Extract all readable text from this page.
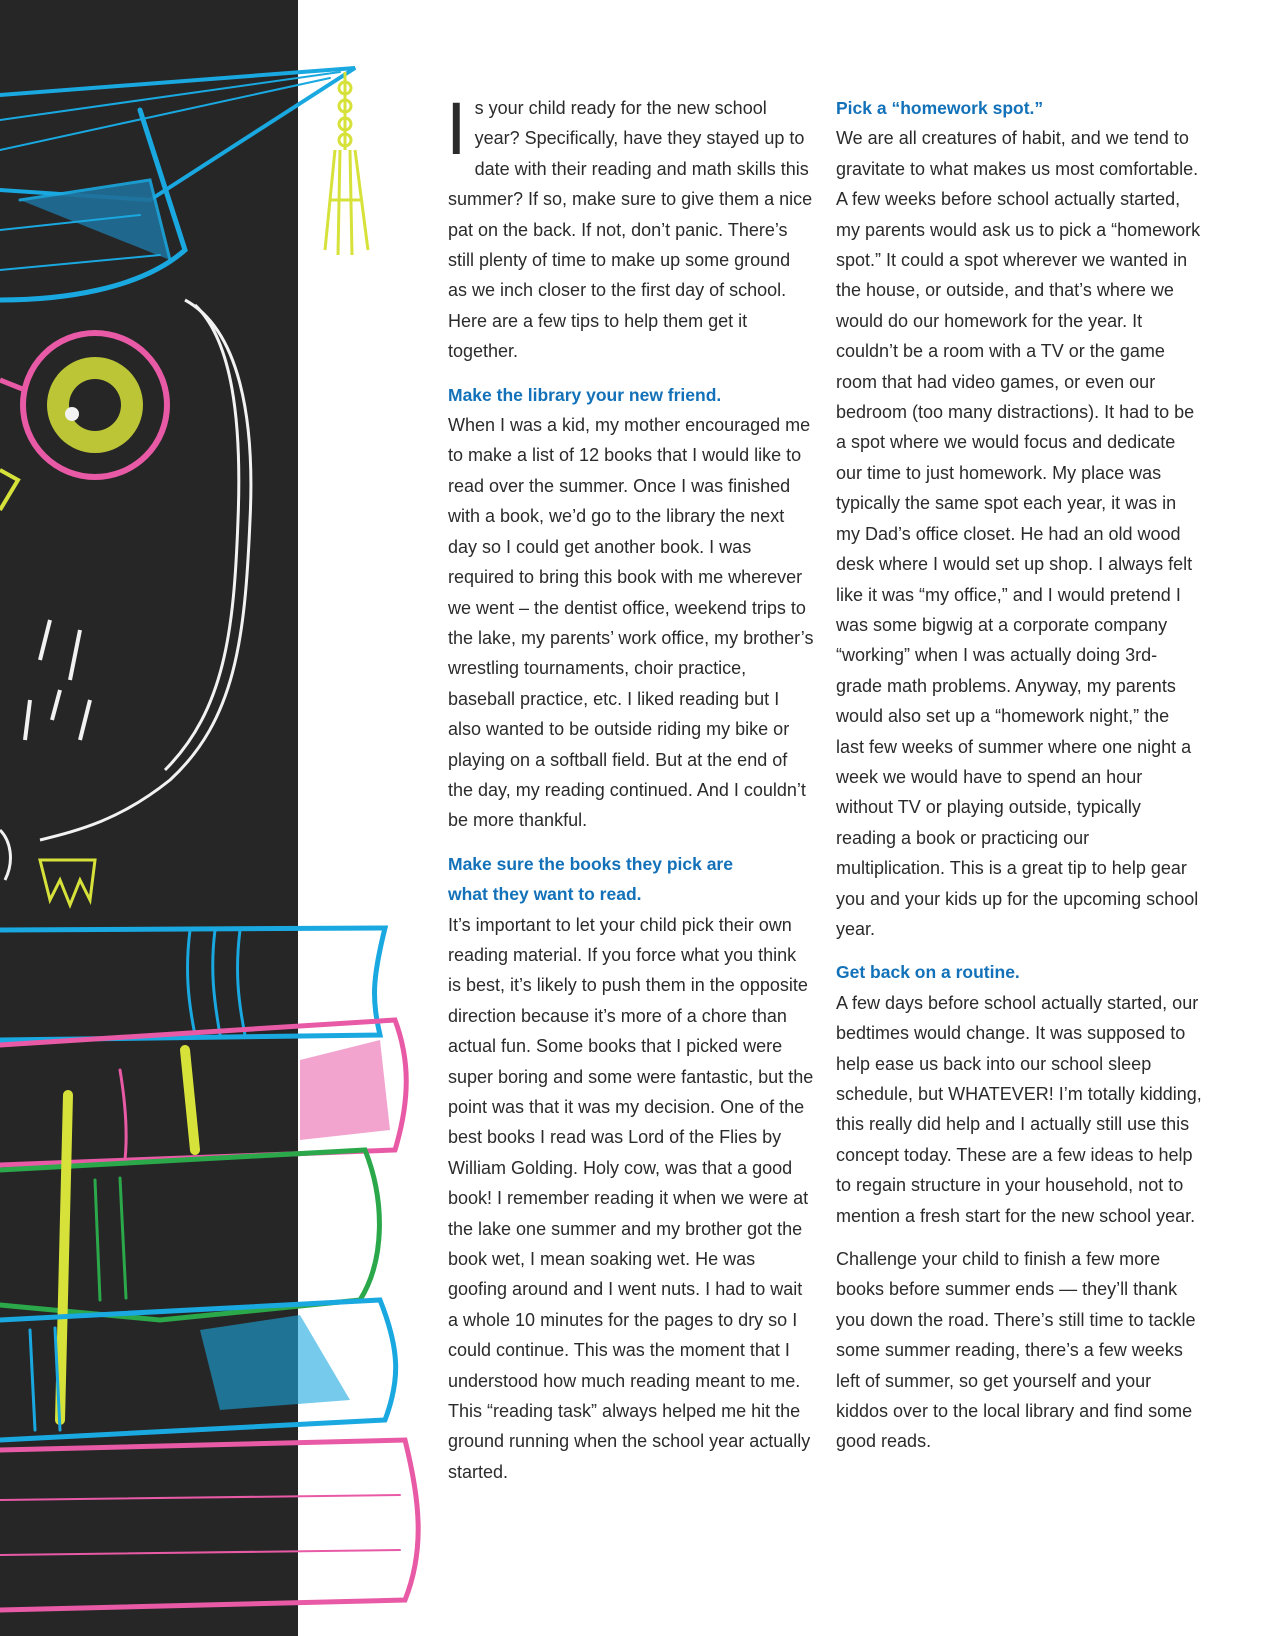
Is your child ready for the new school year? Specifically, have they stayed up to date with their reading and math skills this summer? If so, make sure to give them a nice pat on the back. If not, don’t panic. There’s still plenty of time to make up some ground as we inch closer to the first day of school. Here are a few tips to help them get it together.

Make the library your new friend.

When I was a kid, my mother encouraged me to make a list of 12 books that I would like to read over the summer. Once I was finished with a book, we’d go to the library the next day so I could get another book. I was required to bring this book with me wherever we went – the dentist office, weekend trips to the lake, my parents’ work office, my brother’s wrestling tournaments, choir practice, baseball practice, etc. I liked reading but I also wanted to be outside riding my bike or playing on a softball field. But at the end of the day, my reading continued. And I couldn’t be more thankful.

Make sure the books they pick are what they want to read.

It’s important to let your child pick their own reading material. If you force what you think is best, it’s likely to push them in the opposite direction because it’s more of a chore than actual fun. Some books that I picked were super boring and some were fantastic, but the point was that it was my decision. One of the best books I read was Lord of the Flies by William Golding. Holy cow, was that a good book! I remember reading it when we were at the lake one summer and my brother got the book wet, I mean soaking wet. He was goofing around and I went nuts. I had to wait a whole 10 minutes for the pages to dry so I could continue. This was the moment that I understood how much reading meant to me. This “reading task” always helped me hit the ground running when the school year actually started.

Pick a “homework spot.”

We are all creatures of habit, and we tend to gravitate to what makes us most comfortable. A few weeks before school actually started, my parents would ask us to pick a “homework spot.” It could a spot wherever we wanted in the house, or outside, and that’s where we would do our homework for the year. It couldn’t be a room with a TV or the game room that had video games, or even our bedroom (too many distractions). It had to be a spot where we would focus and dedicate our time to just homework. My place was typically the same spot each year, it was in my Dad’s office closet. He had an old wood desk where I would set up shop. I always felt like it was “my office,” and I would pretend I was some bigwig at a corporate company “working” when I was actually doing 3rd-grade math problems. Anyway, my parents would also set up a “homework night,” the last few weeks of summer where one night a week we would have to spend an hour without TV or playing outside, typically reading a book or practicing our multiplication. This is a great tip to help gear you and your kids up for the upcoming school year.

Get back on a routine.

A few days before school actually started, our bedtimes would change. It was supposed to help ease us back into our school sleep schedule, but WHATEVER! I’m totally kidding, this really did help and I actually still use this concept today. These are a few ideas to help to regain structure in your household, not to mention a fresh start for the new school year.

Challenge your child to finish a few more books before summer ends — they’ll thank you down the road. There’s still time to tackle some summer reading, there’s a few weeks left of summer, so get yourself and your kiddos over to the local library and find some good reads.
